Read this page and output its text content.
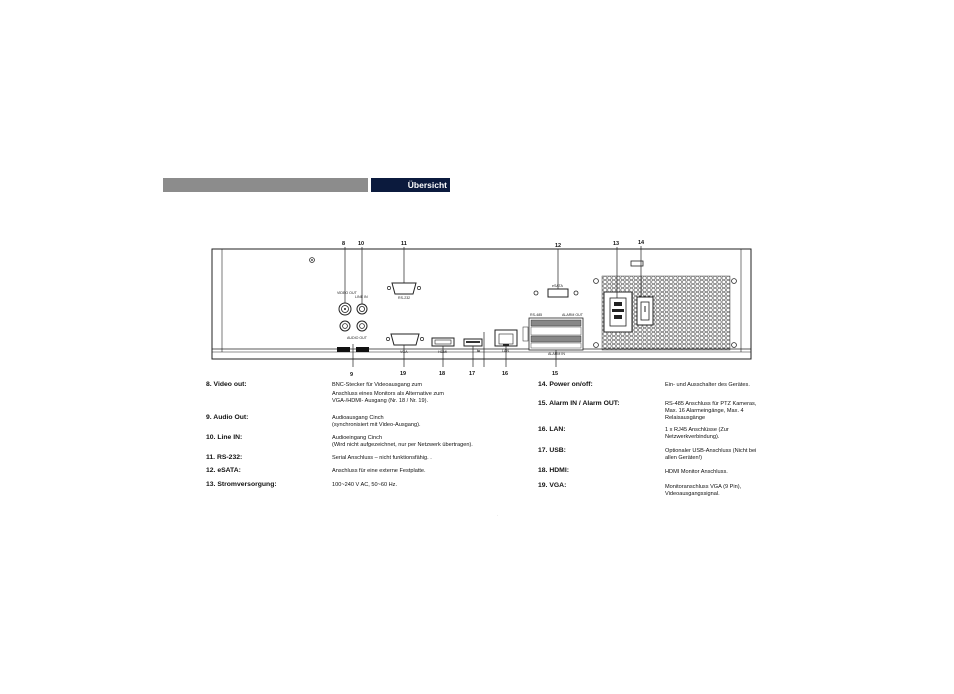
Übersicht
VIDEO OUT
LINE IN
AUDIO OUT
RS-232
VGA	HDMI	⇆	LAN
eSATA
RS-485	ALARM OUT
ALARM IN
8 10	11	12	13	14
9	19	18	17	16	15
8. Video out:	BNC-Stecker für Videoausgang zum
Anschluss eines Monitors als Alternative zum
VGA-/HDMI- Ausgang (Nr. 18 / Nr. 19).
9. Audio Out:	Audioausgang Cinch
(synchronisiert mit Video-Ausgang).
10. Line IN:	Audioeingang Cinch
(Wird nicht aufgezeichnet, nur per Netzwerk übertragen).
11. RS-232:	Serial Anschluss – nicht funktionsfähig. .
12. eSATA:	Anschluss für eine externe Festplatte.
13. Stromversorgung:	100~240 V AC, 50~60 Hz.
14. Power on/off:	Ein- und Ausschalter des Gerätes.
15. Alarm IN / Alarm OUT:	RS-485 Anschluss für PTZ Kameras,
Max. 16 Alarmeingänge, Max. 4
Relaisausgänge
16. LAN:	1 x RJ45 Anschlüsse (Zur
Netzwerkverbindung).
17. USB:	Optionaler USB-Anschluss (Nicht bei
allen Geräten!)
18. HDMI:	HDMI Monitor Anschluss.
19. VGA:	Monitoranschluss VGA (9 Pin),
Videoausgangssignal.
.
